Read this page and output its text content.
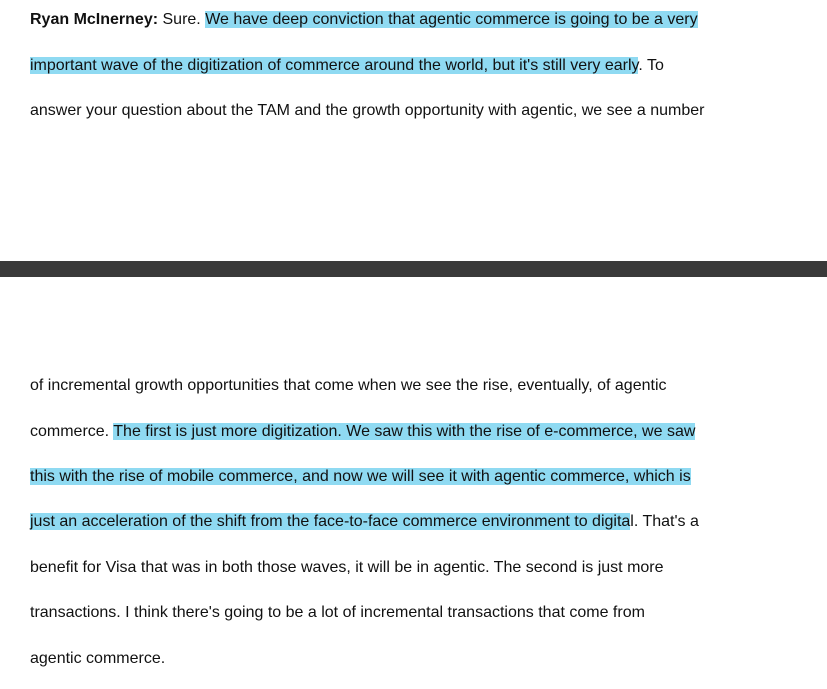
Ryan McInerney: Sure. We have deep conviction that agentic commerce is going to be a very
important wave of the digitization of commerce around the world, but it's still very early. To
answer your question about the TAM and the growth opportunity with agentic, we see a number
of incremental growth opportunities that come when we see the rise, eventually, of agentic
commerce. The first is just more digitization. We saw this with the rise of e-commerce, we saw
this with the rise of mobile commerce, and now we will see it with agentic commerce, which is
just an acceleration of the shift from the face-to-face commerce environment to digital. That's a
benefit for Visa that was in both those waves, it will be in agentic. The second is just more
transactions. I think there's going to be a lot of incremental transactions that come from
agentic commerce.
